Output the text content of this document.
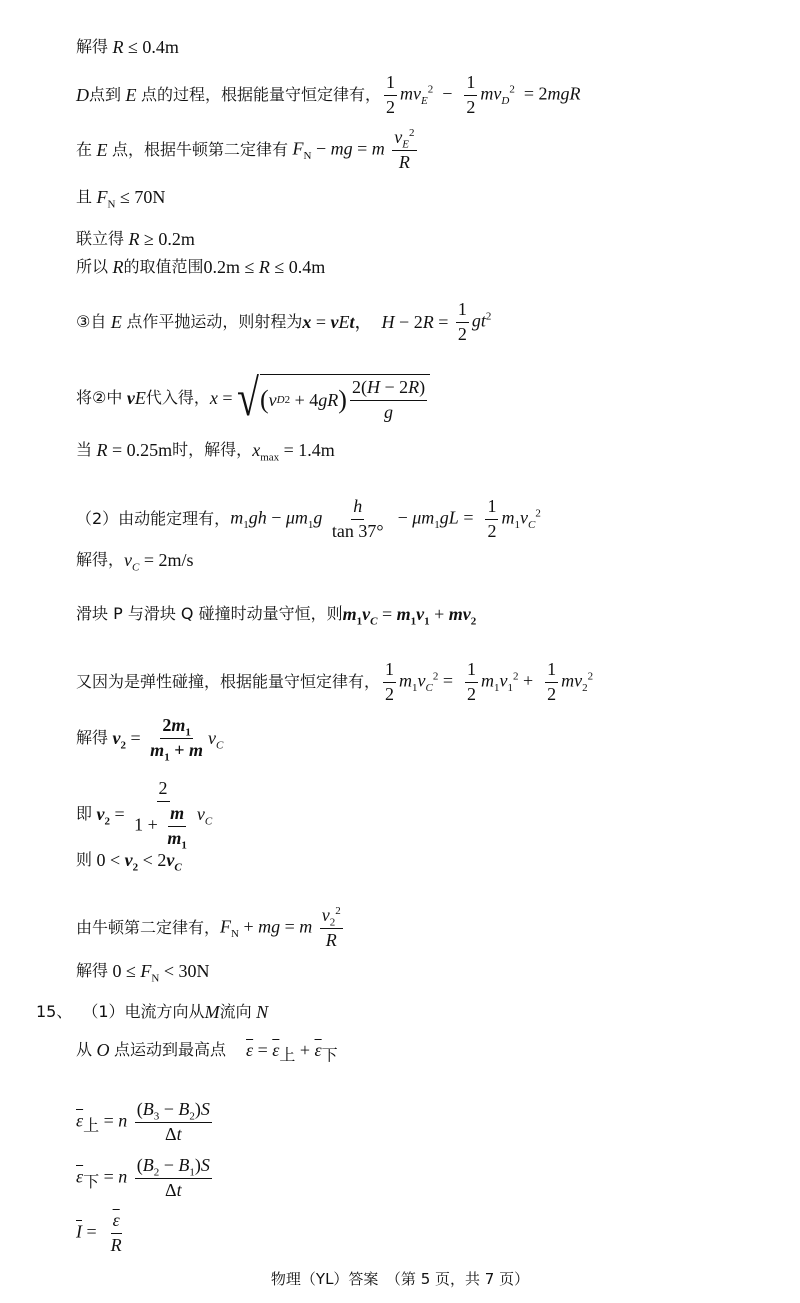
解得 R ≤ 0.4m
D 点到 E 点的过程，根据能量守恒定律有， $\frac{1}{2} mv_E^2 - \frac{1}{2} mv_D^2 = 2mgR$
在 E 点，根据牛顿第二定律有 $F_N$ − mg = m $\frac{v_E^2}{R}$
且 $F_N \le 70N$
联立得 R ≥ 0.2m
所以 R 的取值范围 0.2m ≤ R ≤ 0.4m
③自 E 点作平抛运动，则射程为 x = v E t ， H − 2 $R = \frac{1}{2} gt^2$
将②中 v E 代入得， x = √ ( v D 2 + 4 gR ) $\frac{2(H - 2R)}{g}$
当 R = 0.25m 时，解得， $x_{max} = 1.4m$
（2）由动能定理有， $m_1gh - \mu m_1g \frac{h}{\tan 37^\circ} - \mu m_1gL = \frac{1}{2} m_1v_C^2$
解得， $v_C = 2m/s$
滑块 P 与滑块 Q 碰撞时动量守恒，则 $m_1v_C = m_1v_1 + mv_2$
又因为是弹性碰撞，根据能量守恒定律有， $\frac{1}{2} m_1v_C^2 = \frac{1}{2} m_1v_1^2 + \frac{1}{2} mv_2^2$
解得 $v_2 = \frac{2m_1}{m_1 + m} v_C$
即 $v_2 = \frac{2}{1 + \frac{m}{m_1}} v_C$
则 $0 < v_2 < 2$ $v_C$
由牛顿第二定律有， $F_N$ + mg = m $\frac{v_2^2}{R}$
解得 $0 \le F_N < 30N$
15、 （1）电流方向从 M 流向 N
从 O 点运动到最高点 $\overline{\varepsilon} = \overline{\varepsilon}_上 + \overline{\varepsilon}_下$
$\overline{\varepsilon}_上 = n \frac{(B_3 - B_2)S}{\Delta t}$
$\overline{\varepsilon}_下 = n \frac{(B_2 - B_1)S}{\Delta t}$
$\overline{I} = \frac{\overline{\varepsilon}}{R}$
物理（YL）答案　（第 5 页，共 7 页）
